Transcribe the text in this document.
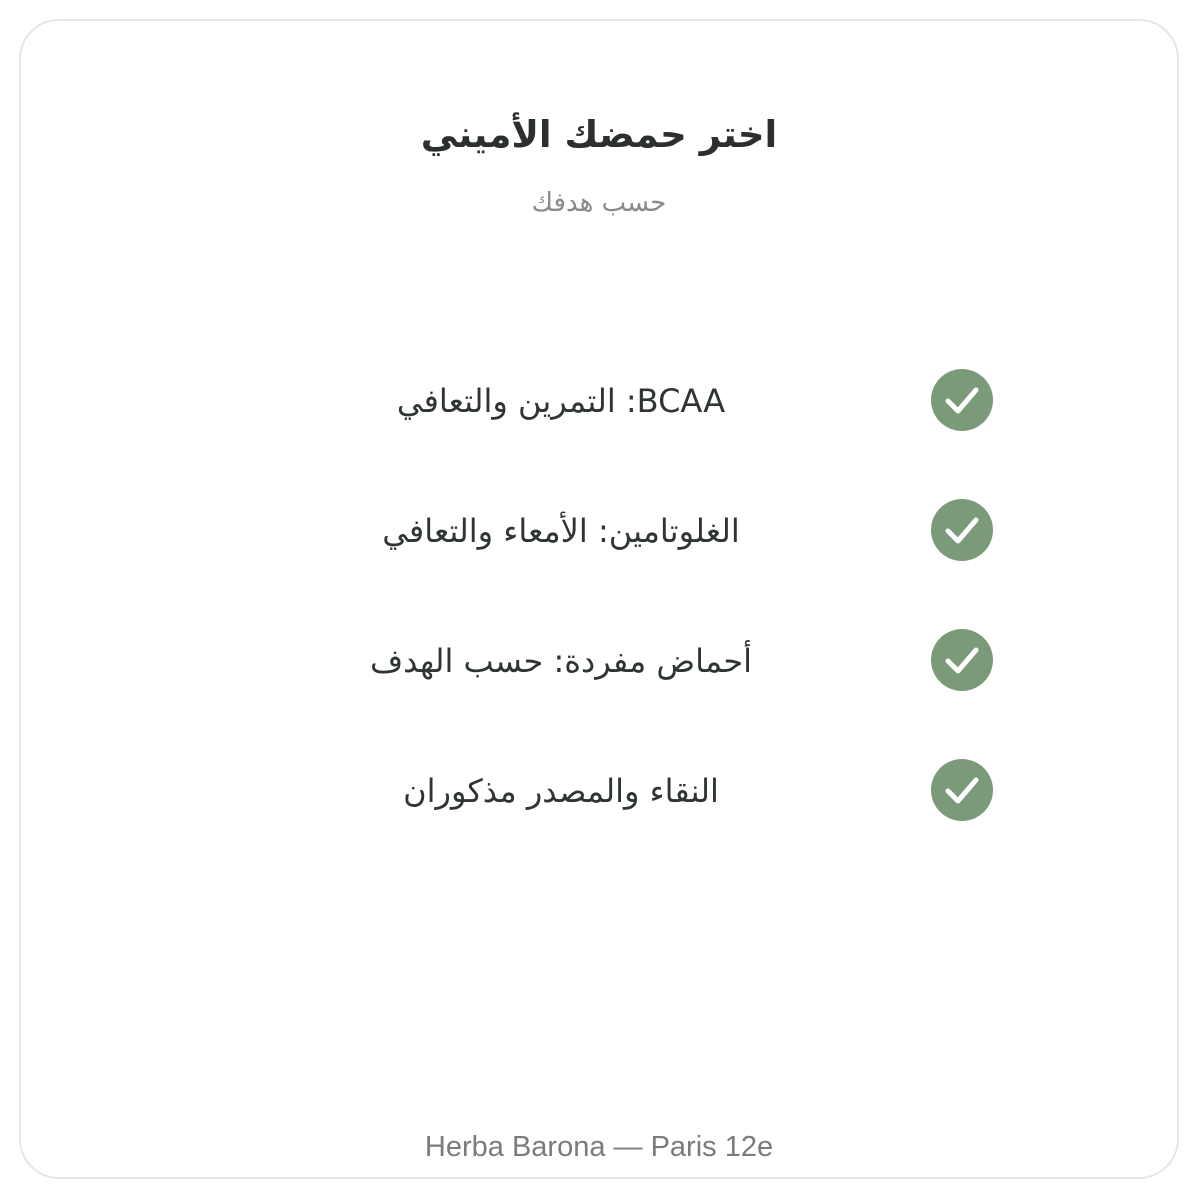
اختر حمضك الأميني
حسب هدفك
BCAA: التمرين والتعافي
الغلوتامين: الأمعاء والتعافي
أحماض مفردة: حسب الهدف
النقاء والمصدر مذكوران
Herba Barona — Paris 12e
